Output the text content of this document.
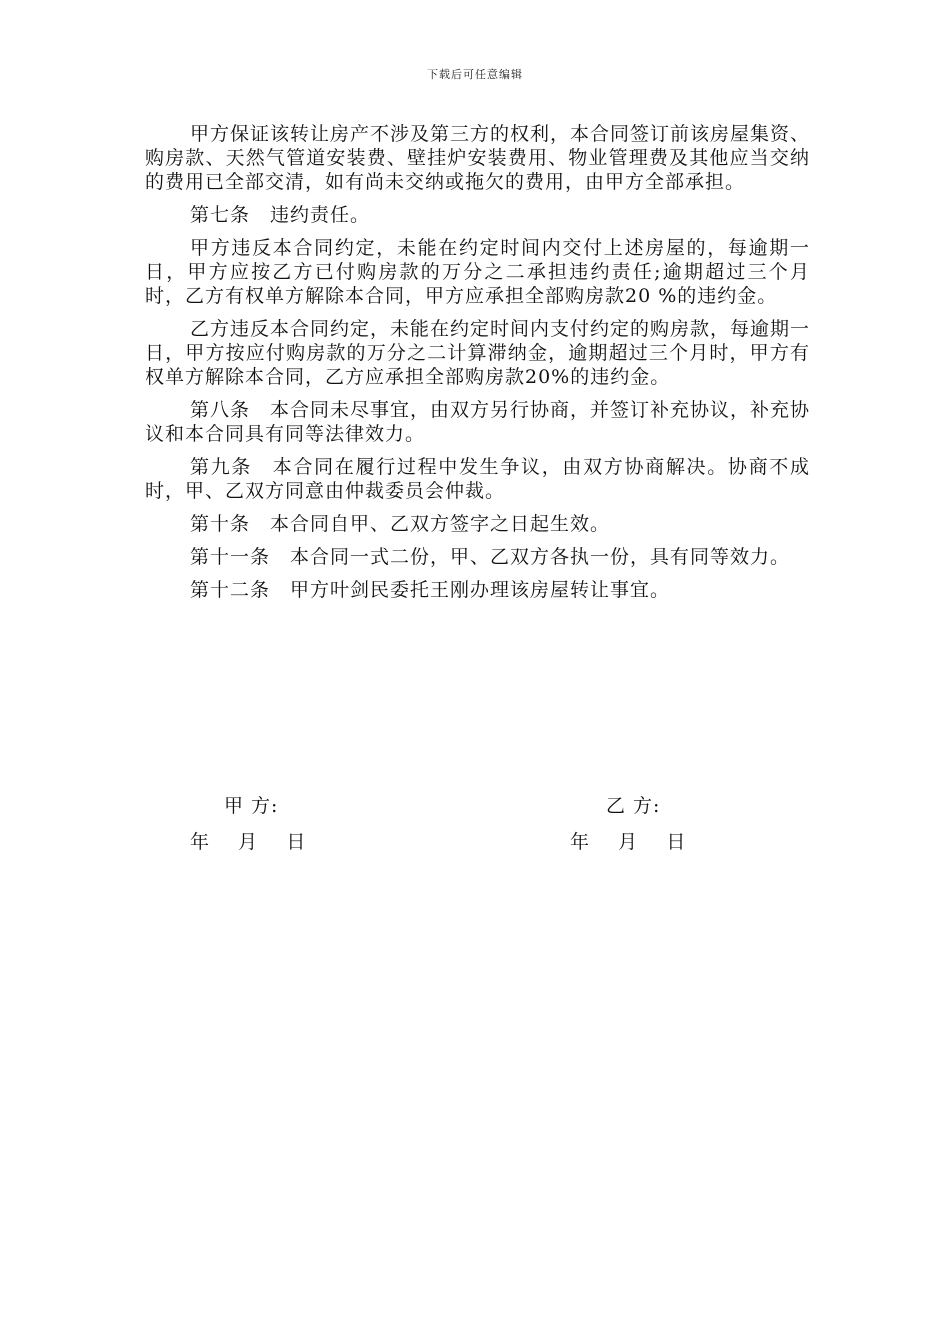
下载后可任意编辑

甲方保证该转让房产不涉及第三方的权利，本合同签订前该房屋集资、购房款、天然气管道安装费、壁挂炉安装费用、物业管理费及其他应当交纳的费用已全部交清，如有尚未交纳或拖欠的费用，由甲方全部承担。

第七条　违约责任。

甲方违反本合同约定，未能在约定时间内交付上述房屋的，每逾期一日，甲方应按乙方已付购房款的万分之二承担违约责任;逾期超过三个月时，乙方有权单方解除本合同，甲方应承担全部购房款20 %的违约金。

乙方违反本合同约定，未能在约定时间内支付约定的购房款，每逾期一日，甲方按应付购房款的万分之二计算滞纳金，逾期超过三个月时，甲方有权单方解除本合同，乙方应承担全部购房款20%的违约金。

第八条　本合同未尽事宜，由双方另行协商，并签订补充协议，补充协议和本合同具有同等法律效力。

第九条　本合同在履行过程中发生争议，由双方协商解决。协商不成时，甲、乙双方同意由仲裁委员会仲裁。

第十条　本合同自甲、乙双方签字之日起生效。

第十一条　本合同一式二份，甲、乙双方各执一份，具有同等效力。

第十二条　甲方叶剑民委托王刚办理该房屋转让事宜。

甲 方:	乙 方:
年    月    日	年    月    日
